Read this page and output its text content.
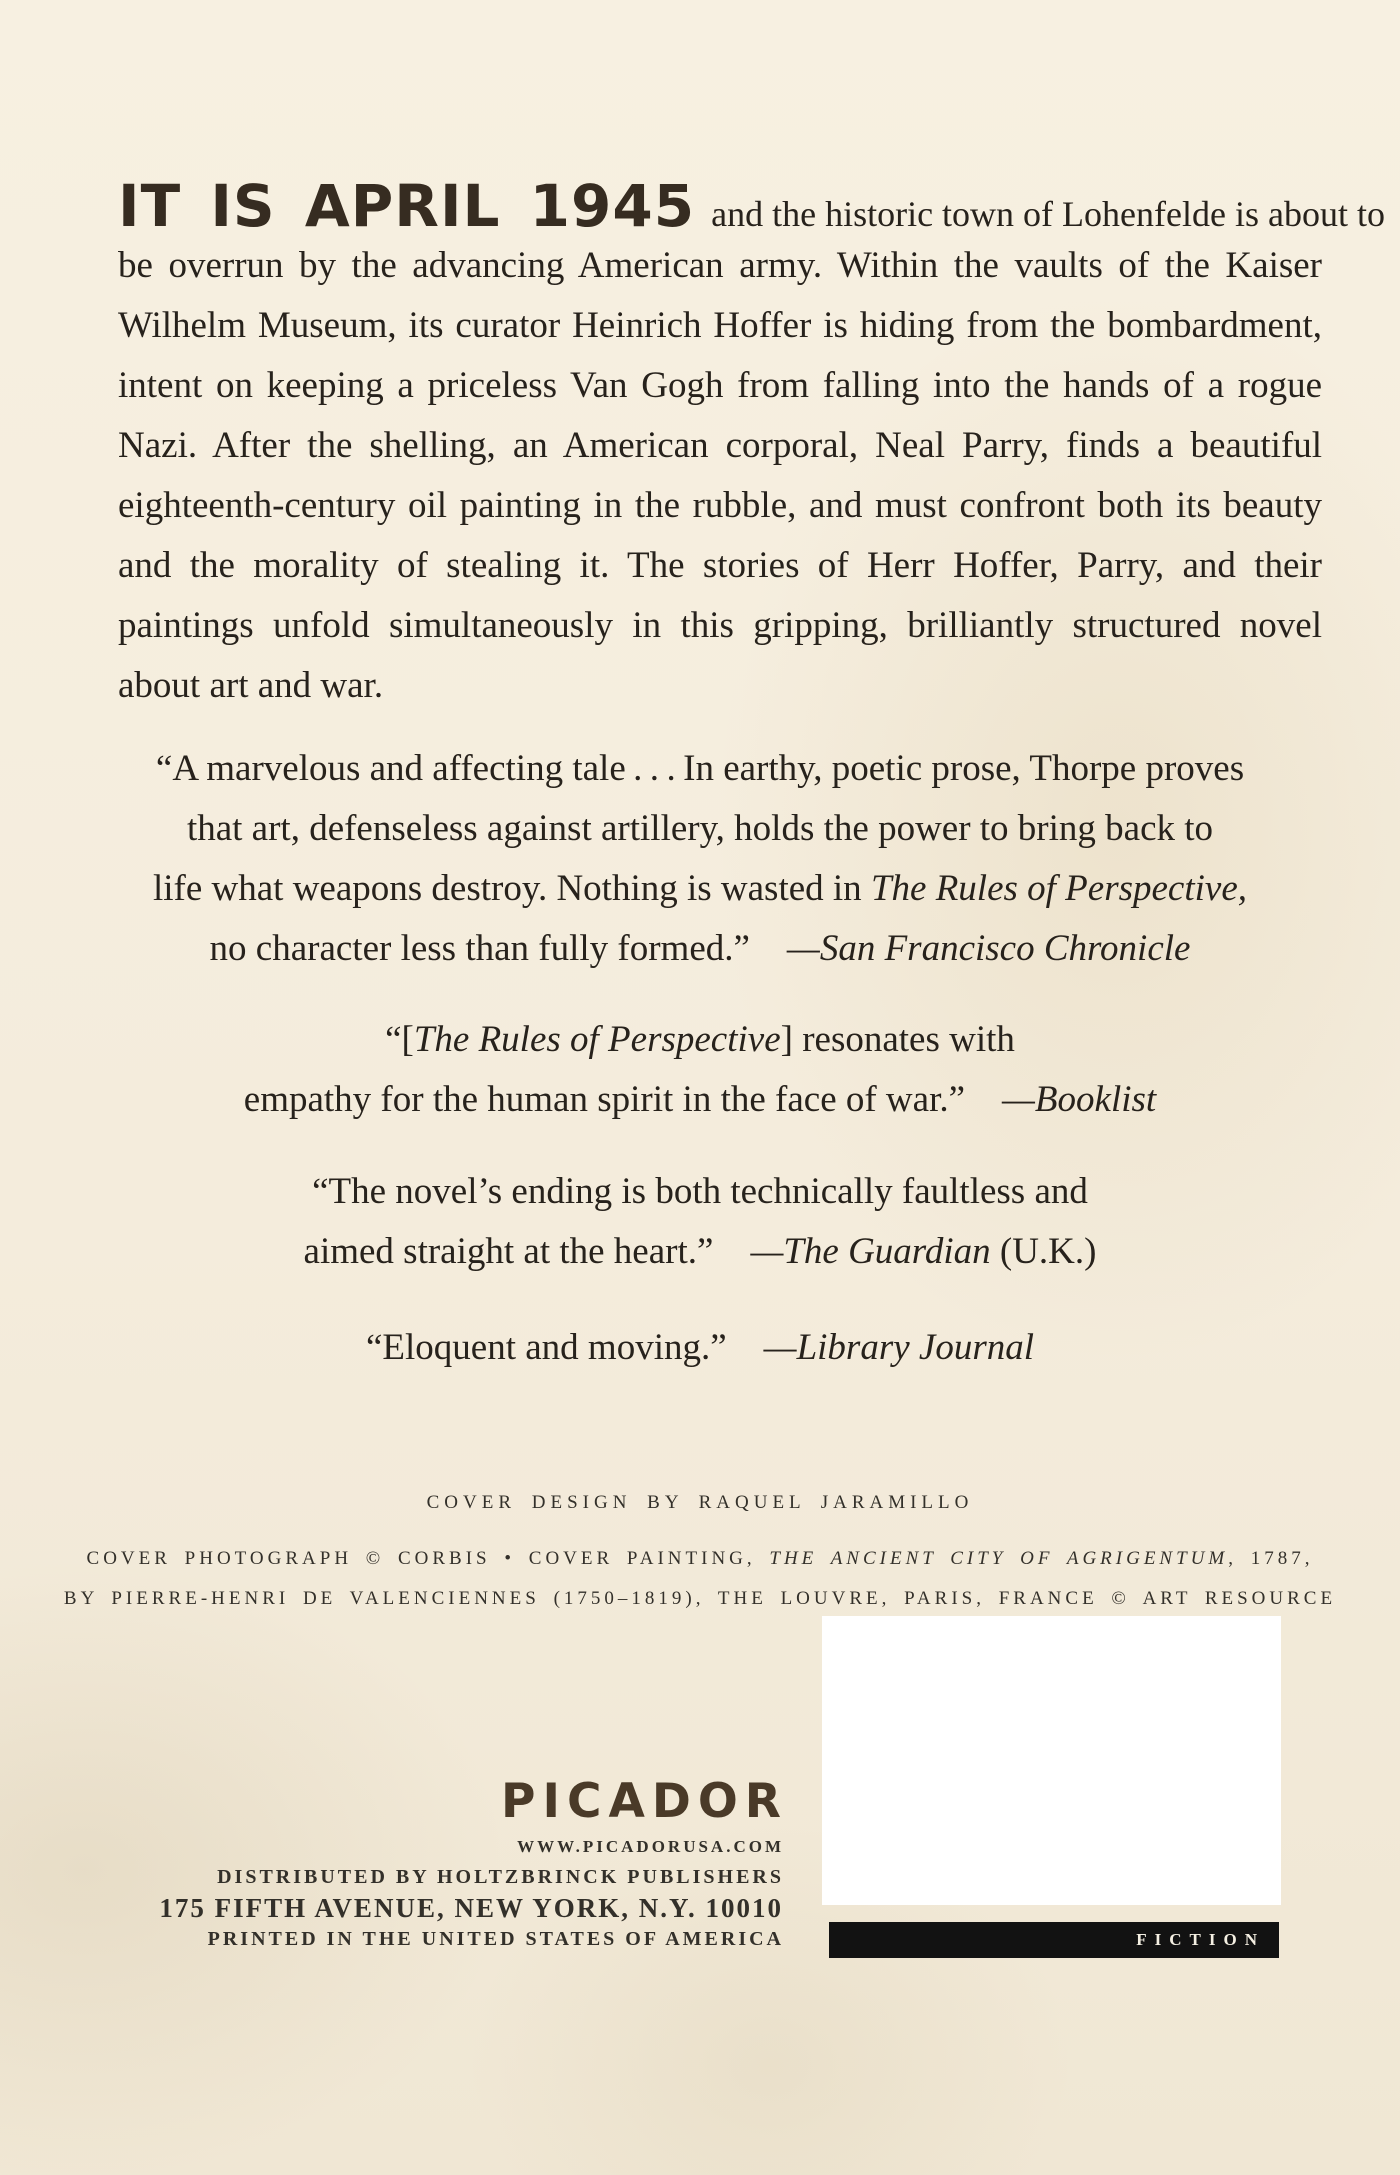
IT IS APRIL 1945 and the historic town of Lohenfelde is about to

be overrun by the advancing American army. Within the vaults of the Kaiser Wilhelm Museum, its curator Heinrich Hoffer is hiding from the bombardment, intent on keeping a priceless Van Gogh from falling into the hands of a rogue Nazi. After the shelling, an American corporal, Neal Parry, finds a beautiful eighteenth-century oil painting in the rubble, and must confront both its beauty and the morality of stealing it. The stories of Herr Hoffer, Parry, and their paintings unfold simultaneously in this gripping, brilliantly structured novel about art and war.

“A marvelous and affecting tale . . . In earthy, poetic prose, Thorpe proves
that art, defenseless against artillery, holds the power to bring back to
life what weapons destroy. Nothing is wasted in The Rules of Perspective,
no character less than fully formed.” —San Francisco Chronicle
“[The Rules of Perspective] resonates with
empathy for the human spirit in the face of war.” —Booklist
“The novel’s ending is both technically faultless and
aimed straight at the heart.” —The Guardian (U.K.)
“Eloquent and moving.” —Library Journal
COVER DESIGN BY RAQUEL JARAMILLO
COVER PHOTOGRAPH © CORBIS • COVER PAINTING, THE ANCIENT CITY OF AGRIGENTUM, 1787,
BY PIERRE-HENRI DE VALENCIENNES (1750–1819), THE LOUVRE, PARIS, FRANCE © ART RESOURCE
PICADOR
WWW.PICADORUSA.COM
DISTRIBUTED BY HOLTZBRINCK PUBLISHERS
175 FIFTH AVENUE, NEW YORK, N.Y. 10010
PRINTED IN THE UNITED STATES OF AMERICA	FICTION
